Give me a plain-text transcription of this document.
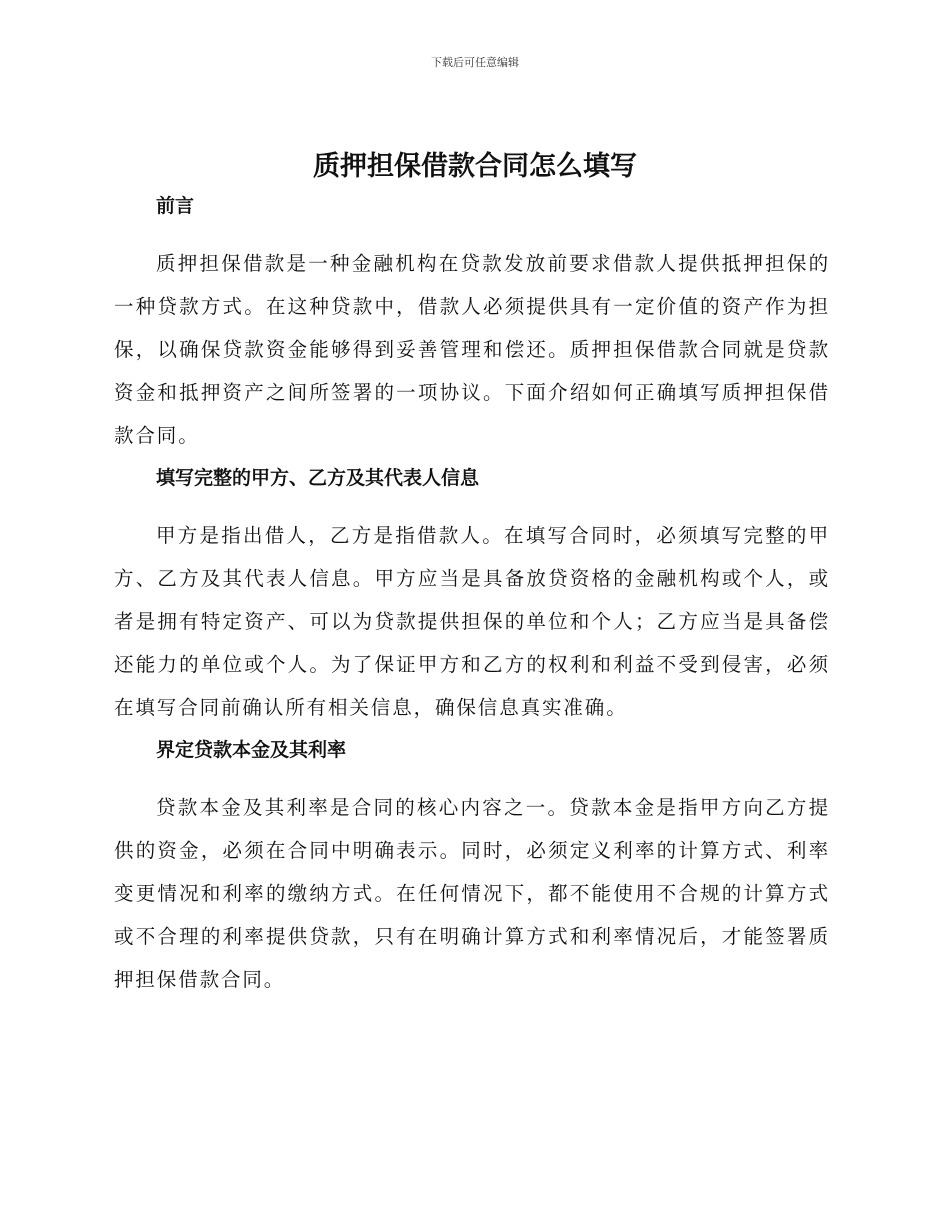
下载后可任意编辑
质押担保借款合同怎么填写
前言

质押担保借款是一种金融机构在贷款发放前要求借款人提供抵押担保的一种贷款方式。在这种贷款中，借款人必须提供具有一定价值的资产作为担保，以确保贷款资金能够得到妥善管理和偿还。质押担保借款合同就是贷款资金和抵押资产之间所签署的一项协议。下面介绍如何正确填写质押担保借款合同。

填写完整的甲方、乙方及其代表人信息

甲方是指出借人，乙方是指借款人。在填写合同时，必须填写完整的甲方、乙方及其代表人信息。甲方应当是具备放贷资格的金融机构或个人，或者是拥有特定资产、可以为贷款提供担保的单位和个人；乙方应当是具备偿还能力的单位或个人。为了保证甲方和乙方的权利和利益不受到侵害，必须在填写合同前确认所有相关信息，确保信息真实准确。

界定贷款本金及其利率

贷款本金及其利率是合同的核心内容之一。贷款本金是指甲方向乙方提供的资金，必须在合同中明确表示。同时，必须定义利率的计算方式、利率变更情况和利率的缴纳方式。在任何情况下，都不能使用不合规的计算方式或不合理的利率提供贷款，只有在明确计算方式和利率情况后，才能签署质押担保借款合同。
